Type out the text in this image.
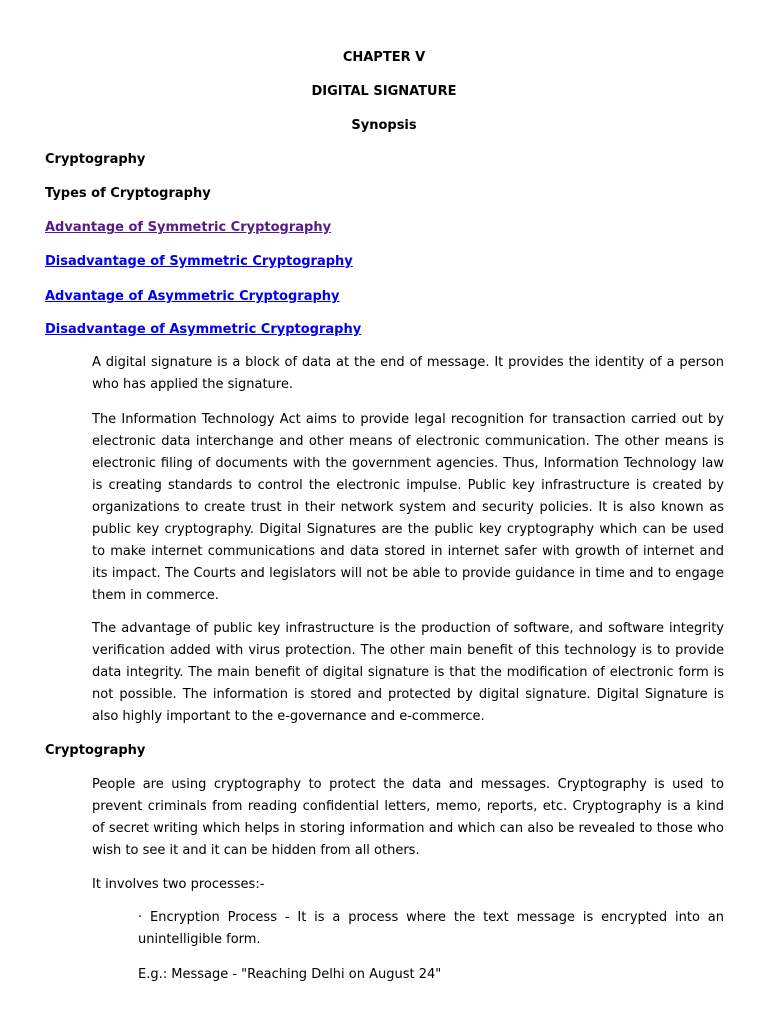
CHAPTER V

DIGITAL SIGNATURE

Synopsis

Cryptography

Types of Cryptography

Advantage of Symmetric Cryptography
Disadvantage of Symmetric Cryptography
Advantage of Asymmetric Cryptography
Disadvantage of Asymmetric Cryptography

A digital signature is a block of data at the end of message. It provides the identity of a person who has applied the signature.

The Information Technology Act aims to provide legal recognition for transaction carried out by electronic data interchange and other means of electronic communication. The other means is electronic filing of documents with the government agencies. Thus, Information Technology law is creating standards to control the electronic impulse. Public key infrastructure is created by organizations to create trust in their network system and security policies. It is also known as public key cryptography. Digital Signatures are the public key cryptography which can be used to make internet communications and data stored in internet safer with growth of internet and its impact. The Courts and legislators will not be able to provide guidance in time and to engage them in commerce.

The advantage of public key infrastructure is the production of software, and software integrity verification added with virus protection. The other main benefit of this technology is to provide data integrity. The main benefit of digital signature is that the modification of electronic form is not possible. The information is stored and protected by digital signature. Digital Signature is also highly important to the e-governance and e-commerce.

Cryptography

People are using cryptography to protect the data and messages. Cryptography is used to prevent criminals from reading confidential letters, memo, reports, etc. Cryptography is a kind of secret writing which helps in storing information and which can also be revealed to those who wish to see it and it can be hidden from all others.

It involves two processes:-

· Encryption Process - It is a process where the text message is encrypted into an unintelligible form.

E.g.: Message - "Reaching Delhi on August 24"
